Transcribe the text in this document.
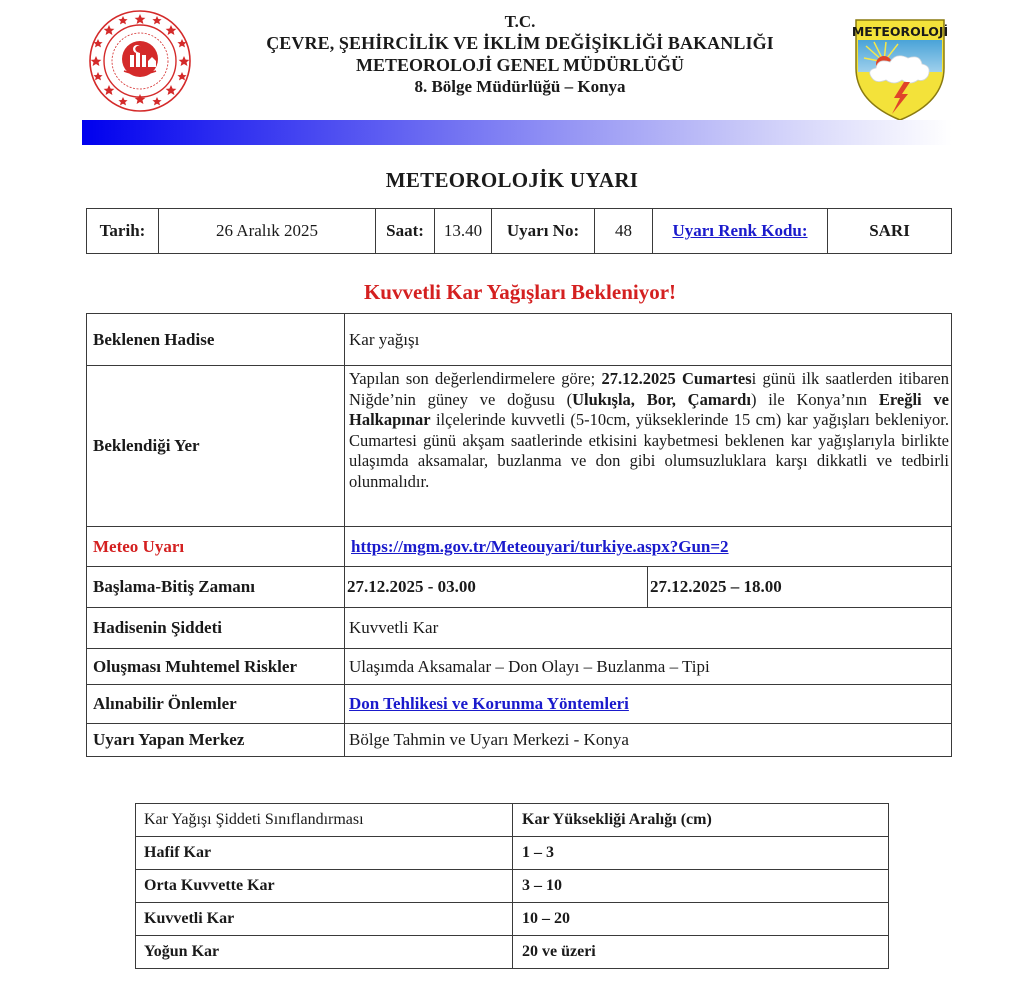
T.C.
ÇEVRE, ŞEHİRCİLİK VE İKLİM DEĞİŞİKLİĞİ BAKANLIĞI
METEOROLOJİ GENEL MÜDÜRLÜĞÜ
8. Bölge Müdürlüğü – Konya
METEOROLOJİ
METEOROLOJİK UYARI
Tarih:	26 Aralık 2025	Saat:	13.40	Uyarı No:	48	Uyarı Renk Kodu:	SARI
Kuvvetli Kar Yağışları Bekleniyor!
Beklenen Hadise	Kar yağışı
Beklendiği Yer
Yapılan son değerlendirmelere göre; 27.12.2025 Cumartesi günü ilk saatlerden itibaren Niğde’nin güney ve doğusu (Ulukışla, Bor, Çamardı) ile Konya’nın Ereğli ve Halkapınar ilçelerinde kuvvetli (5-10cm, yükseklerinde 15 cm) kar yağışları bekleniyor. Cumartesi günü akşam saatlerinde etkisini kaybetmesi beklenen kar yağışlarıyla birlikte ulaşımda aksamalar, buzlanma ve don gibi olumsuzluklara karşı dikkatli ve tedbirli olunmalıdır.
Meteo Uyarı	https://mgm.gov.tr/Meteouyari/turkiye.aspx?Gun=2
Başlama-Bitiş Zamanı	27.12.2025 - 03.00	27.12.2025 – 18.00
Hadisenin Şiddeti	Kuvvetli Kar
Oluşması Muhtemel Riskler	Ulaşımda Aksamalar – Don Olayı – Buzlanma – Tipi
Alınabilir Önlemler	Don Tehlikesi ve Korunma Yöntemleri
Uyarı Yapan Merkez	Bölge Tahmin ve Uyarı Merkezi - Konya
Kar Yağışı Şiddeti Sınıflandırması	Kar Yüksekliği Aralığı (cm)
Hafif Kar	1 – 3
Orta Kuvvette Kar	3 – 10
Kuvvetli Kar	10 – 20
Yoğun Kar	20 ve üzeri
